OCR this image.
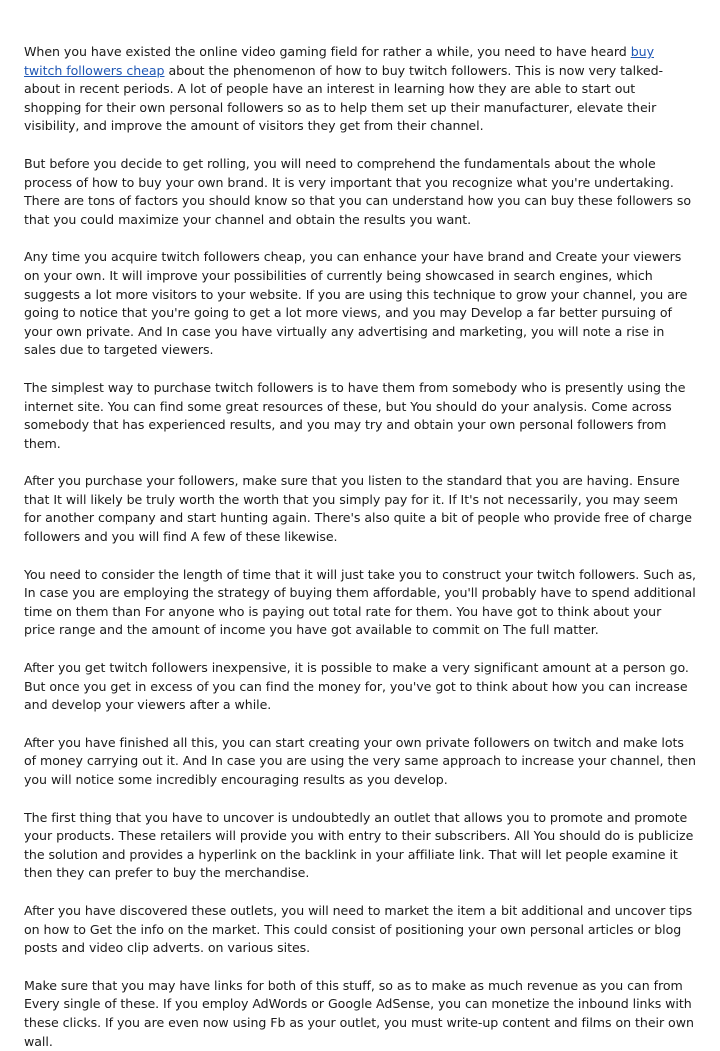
When you have existed the online video gaming field for rather a while, you need to have heard buy twitch followers cheap about the phenomenon of how to buy twitch followers. This is now very talked-about in recent periods. A lot of people have an interest in learning how they are able to start out shopping for their own personal followers so as to help them set up their manufacturer, elevate their visibility, and improve the amount of visitors they get from their channel.

But before you decide to get rolling, you will need to comprehend the fundamentals about the whole process of how to buy your own brand. It is very important that you recognize what you're undertaking. There are tons of factors you should know so that you can understand how you can buy these followers so that you could maximize your channel and obtain the results you want.

Any time you acquire twitch followers cheap, you can enhance your have brand and Create your viewers on your own. It will improve your possibilities of currently being showcased in search engines, which suggests a lot more visitors to your website. If you are using this technique to grow your channel, you are going to notice that you're going to get a lot more views, and you may Develop a far better pursuing of your own private. And In case you have virtually any advertising and marketing, you will note a rise in sales due to targeted viewers.

The simplest way to purchase twitch followers is to have them from somebody who is presently using the internet site. You can find some great resources of these, but You should do your analysis. Come across somebody that has experienced results, and you may try and obtain your own personal followers from them.

After you purchase your followers, make sure that you listen to the standard that you are having. Ensure that It will likely be truly worth the worth that you simply pay for it. If It's not necessarily, you may seem for another company and start hunting again. There's also quite a bit of people who provide free of charge followers and you will find A few of these likewise.

You need to consider the length of time that it will just take you to construct your twitch followers. Such as, In case you are employing the strategy of buying them affordable, you'll probably have to spend additional time on them than For anyone who is paying out total rate for them. You have got to think about your price range and the amount of income you have got available to commit on The full matter.

After you get twitch followers inexpensive, it is possible to make a very significant amount at a person go. But once you get in excess of you can find the money for, you've got to think about how you can increase and develop your viewers after a while.

After you have finished all this, you can start creating your own private followers on twitch and make lots of money carrying out it. And In case you are using the very same approach to increase your channel, then you will notice some incredibly encouraging results as you develop.

The first thing that you have to uncover is undoubtedly an outlet that allows you to promote and promote your products. These retailers will provide you with entry to their subscribers. All You should do is publicize the solution and provides a hyperlink on the backlink in your affiliate link. That will let people examine it then they can prefer to buy the merchandise.

After you have discovered these outlets, you will need to market the item a bit additional and uncover tips on how to Get the info on the market. This could consist of positioning your own personal articles or blog posts and video clip adverts. on various sites.

Make sure that you may have links for both of this stuff, so as to make as much revenue as you can from Every single of these. If you employ AdWords or Google AdSense, you can monetize the inbound links with these clicks. If you are even now using Fb as your outlet, you must write-up content and films on their own wall.
